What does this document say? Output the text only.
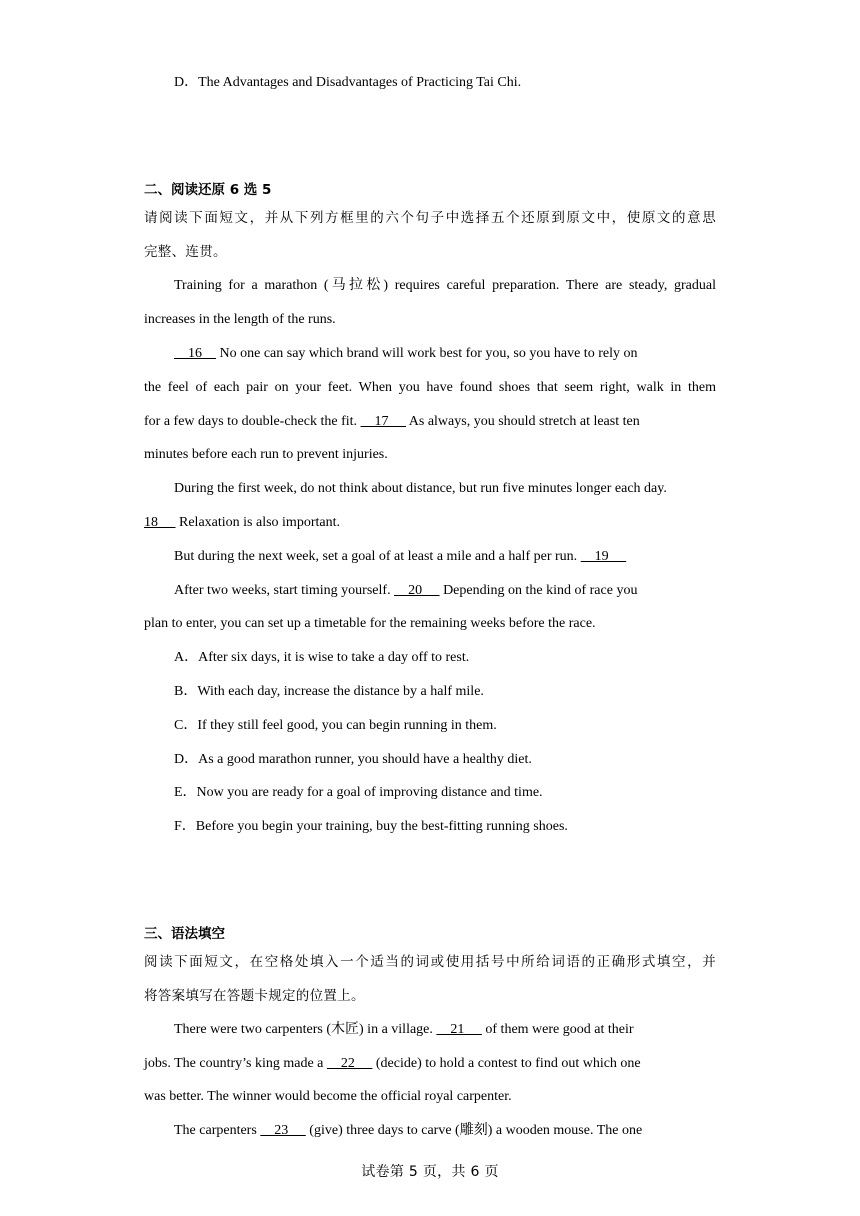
D．The Advantages and Disadvantages of Practicing Tai Chi.
二、阅读还原 6 选 5
请阅读下面短文，并从下列方框里的六个句子中选择五个还原到原文中，使原文的意思
完整、连贯。
Training for a marathon (马拉松) requires careful preparation. There are steady, gradual
increases in the length of the runs.
16     No one can say which brand will work best for you, so you have to rely on
the feel of each pair on your feet. When you have found shoes that seem right, walk in them
for a few days to double-check the fit.     17      As always, you should stretch at least ten
minutes before each run to prevent injuries.
During the first week, do not think about distance, but run five minutes longer each day.
18      Relaxation is also important.
But during the next week, set a goal of at least a mile and a half per run.     19
After two weeks, start timing yourself.     20      Depending on the kind of race you
plan to enter, you can set up a timetable for the remaining weeks before the race.
A．After six days, it is wise to take a day off to rest.
B．With each day, increase the distance by a half mile.
C．If they still feel good, you can begin running in them.
D．As a good marathon runner, you should have a healthy diet.
E．Now you are ready for a goal of improving distance and time.
F．Before you begin your training, buy the best-fitting running shoes.
三、语法填空
阅读下面短文，在空格处填入一个适当的词或使用括号中所给词语的正确形式填空，并
将答案填写在答题卡规定的位置上。
There were two carpenters (木匠) in a village.     21      of them were good at their
jobs. The country’s king made a     22      (decide) to hold a contest to find out which one
was better. The winner would become the official royal carpenter.
The carpenters     23      (give) three days to carve (雕刻) a wooden mouse. The one
试卷第 5 页，共 6 页
